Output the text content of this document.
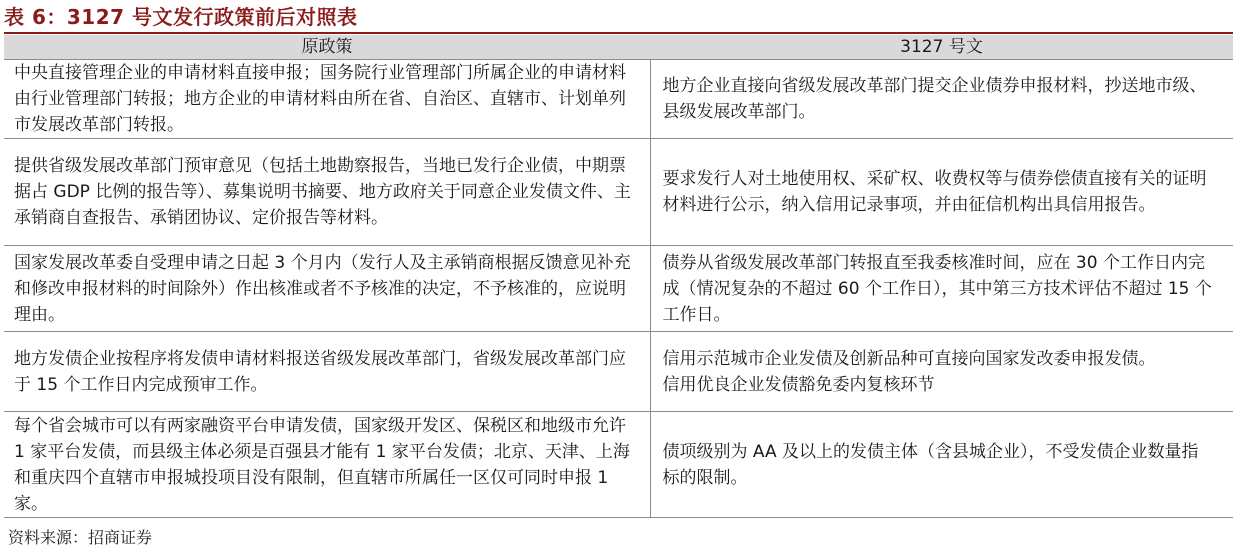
表 6：3127 号文发行政策前后对照表
原政策	3127 号文
中央直接管理企业的申请材料直接申报；国务院行业管理部门所属企业的申请材料由行业管理部门转报；地方企业的申请材料由所在省、自治区、直辖市、计划单列市发展改革部门转报。	地方企业直接向省级发展改革部门提交企业债券申报材料，抄送地市级、县级发展改革部门。
提供省级发展改革部门预审意见（包括土地勘察报告，当地已发行企业债，中期票据占 GDP 比例的报告等）、募集说明书摘要、地方政府关于同意企业发债文件、主承销商自查报告、承销团协议、定价报告等材料。	要求发行人对土地使用权、采矿权、收费权等与债券偿债直接有关的证明材料进行公示，纳入信用记录事项，并由征信机构出具信用报告。
国家发展改革委自受理申请之日起 3 个月内（发行人及主承销商根据反馈意见补充和修改申报材料的时间除外）作出核准或者不予核准的决定，不予核准的，应说明理由。	债券从省级发展改革部门转报直至我委核准时间，应在 30 个工作日内完成（情况复杂的不超过 60 个工作日），其中第三方技术评估不超过 15 个工作日。
地方发债企业按程序将发债申请材料报送省级发展改革部门，省级发展改革部门应于 15 个工作日内完成预审工作。	信用示范城市企业发债及创新品种可直接向国家发改委申报发债。
信用优良企业发债豁免委内复核环节

每个省会城市可以有两家融资平台申请发债，国家级开发区、保税区和地级市允许 1 家平台发债，而县级主体必须是百强县才能有 1 家平台发债；北京、天津、上海和重庆四个直辖市申报城投项目没有限制，但直辖市所属任一区仅可同时申报 1 家。	债项级别为 AA 及以上的发债主体（含县城企业），不受发债企业数量指标的限制。
资料来源：招商证券
